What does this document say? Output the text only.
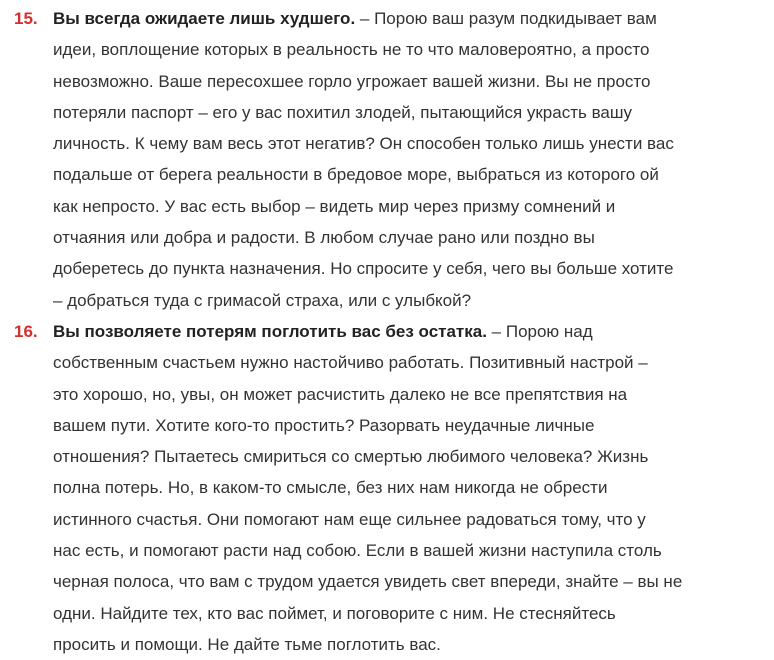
15. Вы всегда ожидаете лишь худшего. – Порою ваш разум подкидывает вам
идеи, воплощение которых в реальность не то что маловероятно, а просто
невозможно. Ваше пересохшее горло угрожает вашей жизни. Вы не просто
потеряли паспорт – его у вас похитил злодей, пытающийся украсть вашу
личность. К чему вам весь этот негатив? Он способен только лишь унести вас
подальше от берега реальности в бредовое море, выбраться из которого ой
как непросто. У вас есть выбор – видеть мир через призму сомнений и
отчаяния или добра и радости. В любом случае рано или поздно вы
доберетесь до пункта назначения. Но спросите у себя, чего вы больше хотите
– добраться туда с гримасой страха, или с улыбкой?
16. Вы позволяете потерям поглотить вас без остатка. – Порою над
собственным счастьем нужно настойчиво работать. Позитивный настрой –
это хорошо, но, увы, он может расчистить далеко не все препятствия на
вашем пути. Хотите кого-то простить? Разорвать неудачные личные
отношения? Пытаетесь смириться со смертью любимого человека? Жизнь
полна потерь. Но, в каком-то смысле, без них нам никогда не обрести
истинного счастья. Они помогают нам еще сильнее радоваться тому, что у
нас есть, и помогают расти над собою. Если в вашей жизни наступила столь
черная полоса, что вам с трудом удается увидеть свет впереди, знайте – вы не
одни. Найдите тех, кто вас поймет, и поговорите с ним. Не стесняйтесь
просить и помощи. Не дайте тьме поглотить вас.
